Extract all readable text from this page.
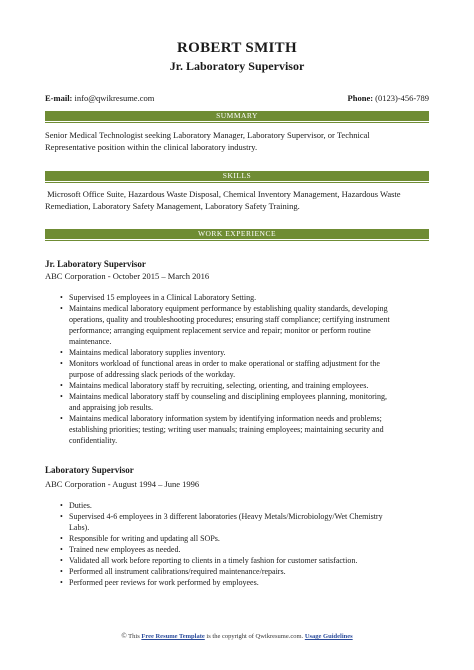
ROBERT SMITH
Jr. Laboratory Supervisor
E-mail: info@qwikresume.com	Phone: (0123)-456-789
SUMMARY
Senior Medical Technologist seeking Laboratory Manager, Laboratory Supervisor, or Technical
Representative position within the clinical laboratory industry.
SKILLS
Microsoft Office Suite, Hazardous Waste Disposal, Chemical Inventory Management, Hazardous Waste
Remediation, Laboratory Safety Management, Laboratory Safety Training.
WORK EXPERIENCE
Jr. Laboratory Supervisor
ABC Corporation - October 2015 – March 2016
• Supervised 15 employees in a Clinical Laboratory Setting.
• Maintains medical laboratory equipment performance by establishing quality standards, developing
operations, quality and troubleshooting procedures; ensuring staff compliance; certifying instrument
performance; arranging equipment replacement service and repair; monitor or perform routine
maintenance.
• Maintains medical laboratory supplies inventory.
• Monitors workload of functional areas in order to make operational or staffing adjustment for the
purpose of addressing slack periods of the workday.
• Maintains medical laboratory staff by recruiting, selecting, orienting, and training employees.
• Maintains medical laboratory staff by counseling and disciplining employees planning, monitoring,
and appraising job results.
• Maintains medical laboratory information system by identifying information needs and problems;
establishing priorities; testing; writing user manuals; training employees; maintaining security and
confidentiality.
Laboratory Supervisor
ABC Corporation - August 1994 – June 1996
• Duties.
• Supervised 4-6 employees in 3 different laboratories (Heavy Metals/Microbiology/Wet Chemistry
Labs).
• Responsible for writing and updating all SOPs.
• Trained new employees as needed.
• Validated all work before reporting to clients in a timely fashion for customer satisfaction.
• Performed all instrument calibrations/required maintenance/repairs.
• Performed peer reviews for work performed by employees.
© This Free Resume Template is the copyright of Qwikresume.com. Usage Guidelines
